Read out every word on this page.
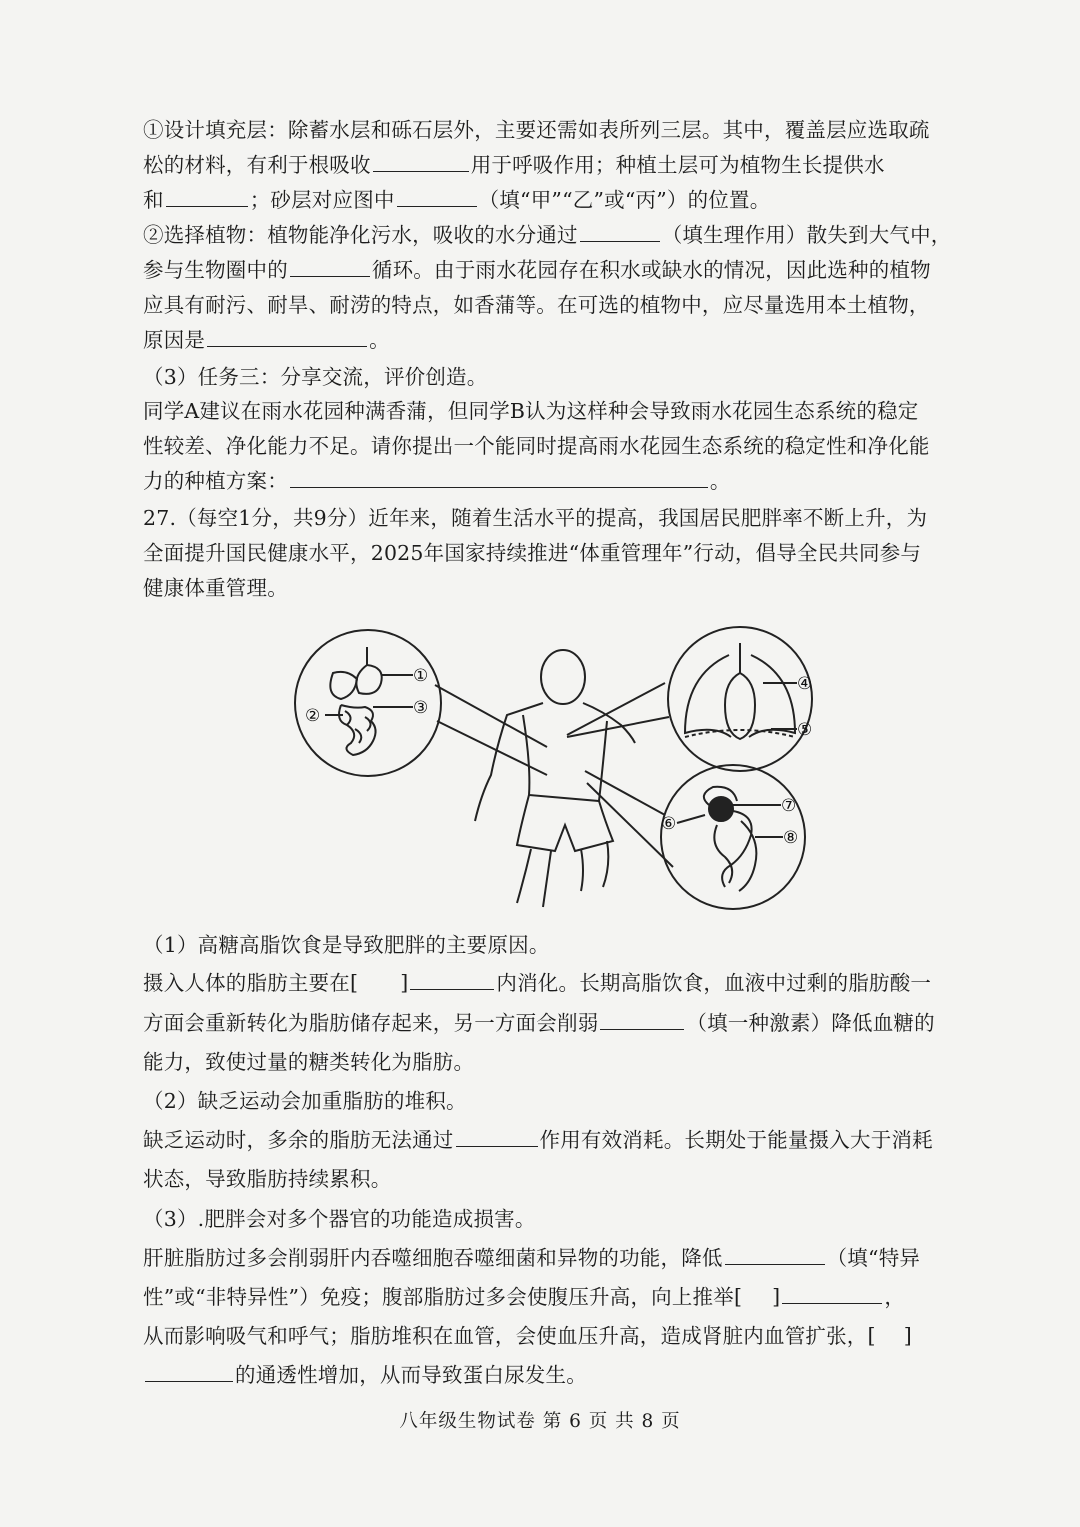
①设计填充层：除蓄水层和砾石层外，主要还需如表所列三层。其中，覆盖层应选取疏
松的材料，有利于根吸收	用于呼吸作用；种植土层可为植物生长提供水
和	；砂层对应图中	（填“甲”“乙”或“丙”）的位置。
②选择植物：植物能净化污水，吸收的水分通过	（填生理作用）散失到大气中，
参与生物圈中的	循环。由于雨水花园存在积水或缺水的情况，因此选种的植物
应具有耐污、耐旱、耐涝的特点，如香蒲等。在可选的植物中，应尽量选用本土植物，
原因是	。
（3）任务三：分享交流，评价创造。
同学A建议在雨水花园种满香蒲，但同学B认为这样种会导致雨水花园生态系统的稳定
性较差、净化能力不足。请你提出一个能同时提高雨水花园生态系统的稳定性和净化能
力的种植方案：	。
27.（每空1分，共9分）近年来，随着生活水平的提高，我国居民肥胖率不断上升，为
全面提升国民健康水平，2025年国家持续推进“体重管理年”行动，倡导全民共同参与
健康体重管理。
①
②	③
④
⑤
⑥
⑦
⑧
（1）高糖高脂饮食是导致肥胖的主要原因。
摄入人体的脂肪主要在[ ]	内消化。长期高脂饮食，血液中过剩的脂肪酸一
方面会重新转化为脂肪储存起来，另一方面会削弱	（填一种激素）降低血糖的
能力，致使过量的糖类转化为脂肪。
（2）缺乏运动会加重脂肪的堆积。
缺乏运动时，多余的脂肪无法通过	作用有效消耗。长期处于能量摄入大于消耗
状态，导致脂肪持续累积。
（3）.肥胖会对多个器官的功能造成损害。
肝脏脂肪过多会削弱肝内吞噬细胞吞噬细菌和异物的功能，降低	（填“特异
性”或“非特异性”）免疫；腹部脂肪过多会使腹压升高，向上推举[ ]	，
从而影响吸气和呼气；脂肪堆积在血管，会使血压升高，造成肾脏内血管扩张，[ ]
的通透性增加，从而导致蛋白尿发生。
八年级生物试卷 第 6 页 共 8 页
